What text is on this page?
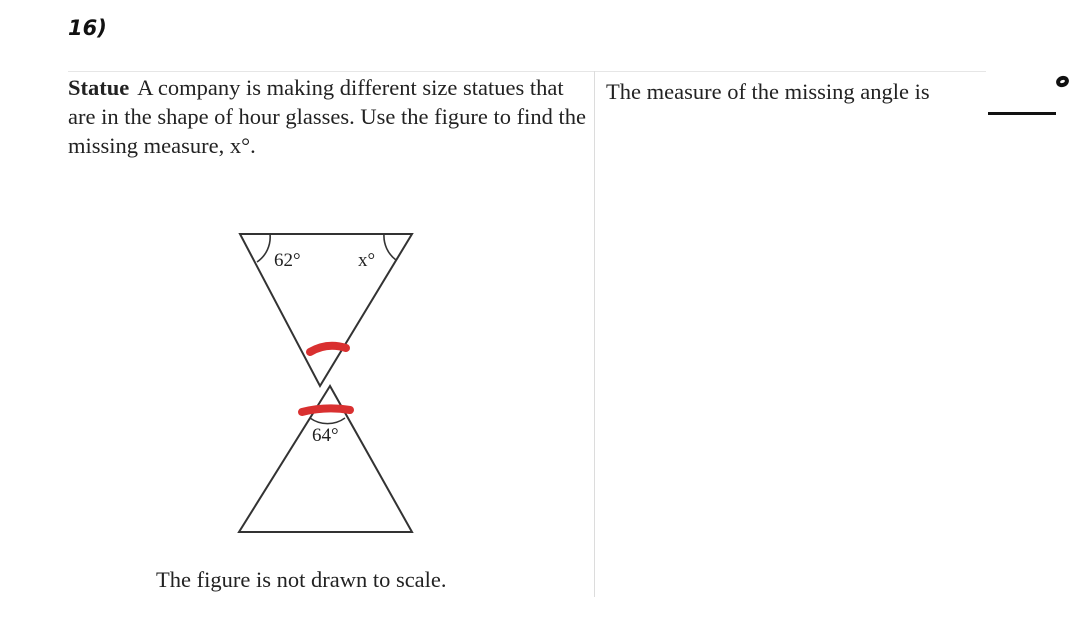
16)
Statue A company is making different size statues that are in the shape of hour glasses. Use the figure to find the missing measure, x°.
The measure of the missing angle is
62°	x°
64°
The figure is not drawn to scale.
